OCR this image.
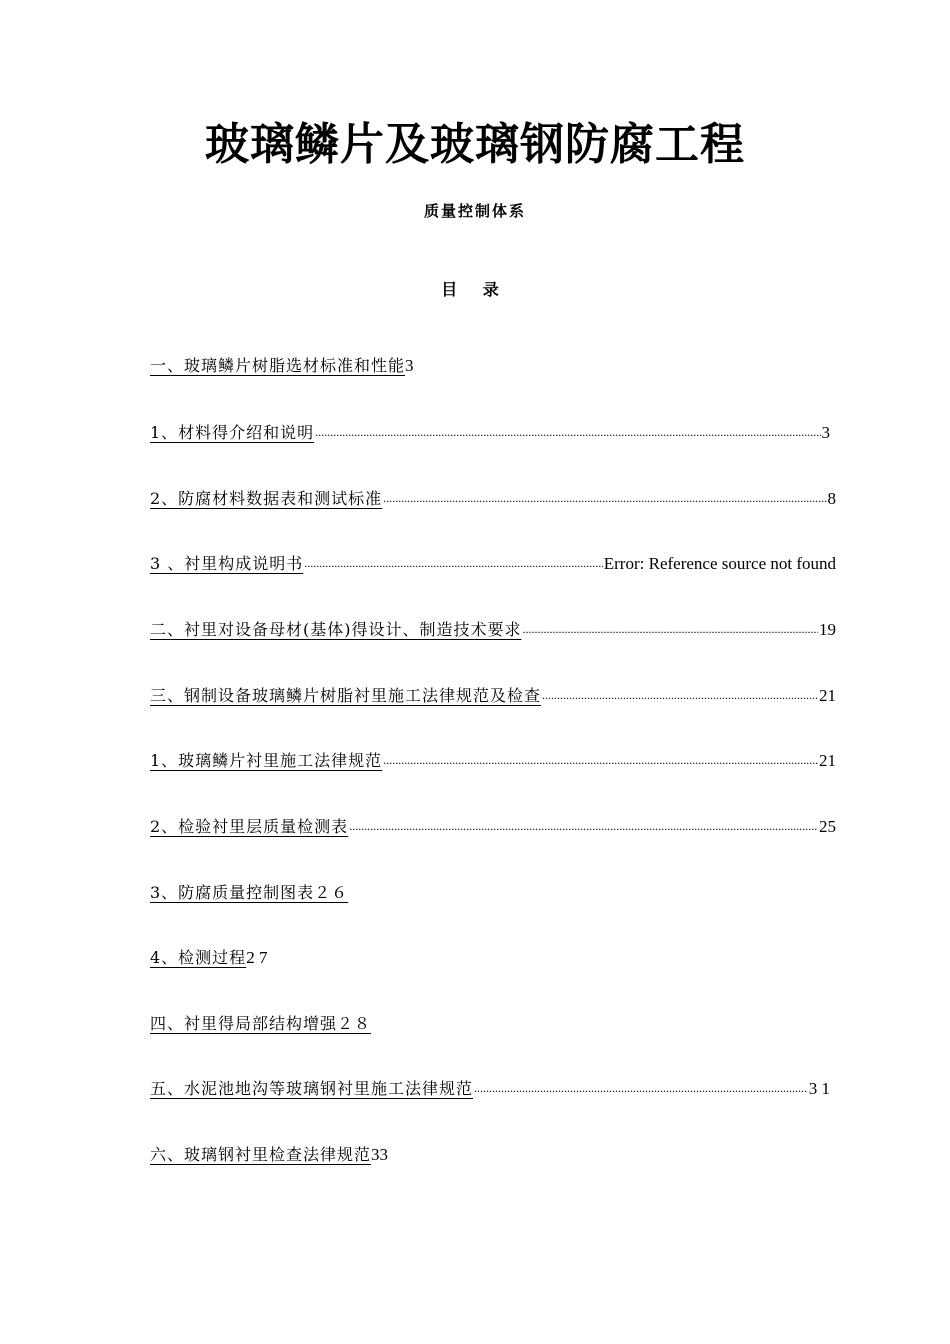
玻璃鳞片及玻璃钢防腐工程
质量控制体系
目 录
一、玻璃鳞片树脂选材标准和性能 3
1、材料得介绍和说明 .....	3
2、防腐材料数据表和测试标准 .....	8
3 、衬里构成说明书 .....	Error: Reference source not found
二、衬里对设备母材(基体)得设计、制造技术要求 .....	19
三、钢制设备玻璃鳞片树脂衬里施工法律规范及检查 .....	21
1、玻璃鳞片衬里施工法律规范 .....	21
2、检验衬里层质量检测表 .....	25
3、防腐质量控制图表２６
4、检测过程 2 7
四、衬里得局部结构增强２８
五、水泥池地沟等玻璃钢衬里施工法律规范 .....	3 1
六、玻璃钢衬里检查法律规范 33
